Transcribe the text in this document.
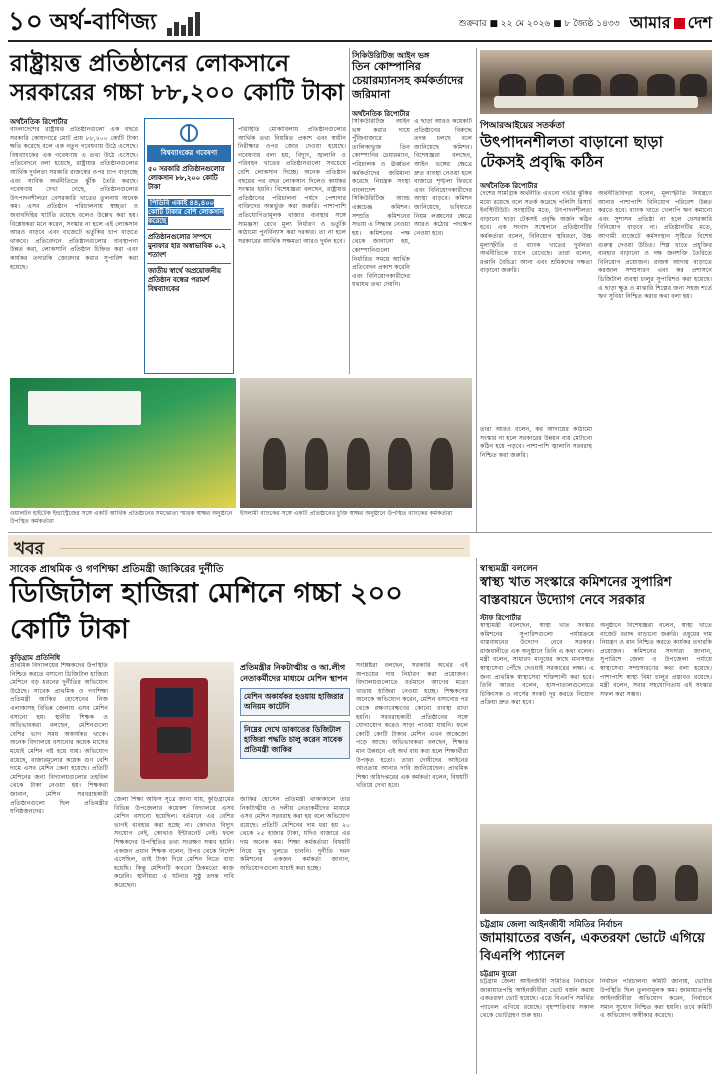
১০ অর্থ-বাণিজ্য	শুক্রবার ■ ২২ মে ২০২৬ ■ ৮ জ্যৈষ্ঠ ১৪৩৩ আমার দেশ
রাষ্ট্রায়ত্ত প্রতিষ্ঠানের লোকসানে সরকারের গচ্চা ৮৮,২০০ কোটি টাকা
অর্থনৈতিক রিপোর্টার
বাংলাদেশের রাষ্ট্রায়ত্ত প্রতিষ্ঠানগুলো এক বছরে সরকারি কোষাগারে মোট প্রায় ৮৮,২০০ কোটি টাকা ক্ষতি করেছে বলে এক নতুন গবেষণায় উঠে এসেছে। বিশ্বব্যাংকের এক গবেষণায় এ তথ্য উঠে এসেছে। প্রতিবেদনে বলা হয়েছে, রাষ্ট্রায়ত্ত প্রতিষ্ঠানগুলোর আর্থিক দুর্বলতা সরকারি রাজস্বের ওপর চাপ বাড়াচ্ছে এবং সার্বিক অর্থনীতিতে ঝুঁকি তৈরি করছে। গবেষণায় দেখা গেছে, প্রতিষ্ঠানগুলোর উৎপাদনশীলতা বেসরকারি খাতের তুলনায় অনেক কম। এসব প্রতিষ্ঠান পরিচালনায় স্বচ্ছতা ও জবাবদিহির ঘাটতি রয়েছে বলেও উল্লেখ করা হয়। বিশ্লেষকরা মনে করেন, সংস্কার না হলে এই লোকসান আরও বাড়বে এবং বাজেটে ভর্তুকির চাপ বাড়তে থাকবে। প্রতিবেদনে প্রতিষ্ঠানগুলোর ব্যবস্থাপনা উন্নত করা, লোকসানি প্রতিষ্ঠান চিহ্নিত করা এবং কার্যকর তদারকি জোরদার করার সুপারিশ করা হয়েছে।
বিশ্বব্যাংকের গবেষণা
৫০ সরকারি প্রতিষ্ঠানগুলোর লোকসান ৮৮,২০০ কোটি টাকা
পিডিবি একাই ৪৪,৪০০ কোটি টাকার বেশি লোকসান করেছে
প্রতিষ্ঠানগুলোর সম্পদে মুনাফার হার অস্বাভাবিক ০.২ শতাংশ
জাতীয় স্বার্থে অপ্রয়োজনীয় প্রতিষ্ঠান বন্ধের পরামর্শ বিশ্বব্যাংকের
পরিস্থিতি মোকাবিলায় প্রতিষ্ঠানগুলোর আর্থিক তথ্য নিয়মিত প্রকাশ এবং স্বাধীন নিরীক্ষার ওপর জোর দেওয়া হয়েছে। গবেষণায় বলা হয়, বিদ্যুৎ, জ্বালানি ও পরিবহন খাতের প্রতিষ্ঠানগুলো সবচেয়ে বেশি লোকসান দিচ্ছে। অনেক প্রতিষ্ঠান বছরের পর বছর লোকসান দিলেও কার্যকর সংস্কার হয়নি। বিশেষজ্ঞরা বলছেন, রাষ্ট্রায়ত্ত প্রতিষ্ঠানের পরিচালনা পর্ষদে পেশাদার ব্যক্তিদের অন্তর্ভুক্ত করা জরুরি। পাশাপাশি প্রতিযোগিতামূলক বাজার ব্যবস্থার সঙ্গে সামঞ্জস্য রেখে মূল্য নির্ধারণ ও ভর্তুকি কাঠামো পুনর্বিন্যাস করা দরকার। তা না হলে সরকারের আর্থিক সক্ষমতা আরও দুর্বল হবে।
ওয়ালটন হাইটেক ইন্ডাস্ট্রিজের সঙ্গে একটি আর্থিক প্রতিষ্ঠানের সমঝোতা স্মারক স্বাক্ষর অনুষ্ঠানে উপস্থিত কর্মকর্তারা
ইসলামী ব্যাংকের সঙ্গে একটি প্রতিষ্ঠানের চুক্তি স্বাক্ষর অনুষ্ঠানে উপস্থিত ব্যাংকের কর্মকর্তারা
সিকিউরিটিজ আইন ভঙ্গ
তিন কোম্পানির চেয়ারম্যানসহ কর্মকর্তাদের জরিমানা
অর্থনৈতিক রিপোর্টার
সিকিউরিটিজ আইন ভঙ্গ করার দায়ে পুঁজিবাজারে তালিকাভুক্ত তিন কোম্পানির চেয়ারম্যান, পরিচালক ও ঊর্ধ্বতন কর্মকর্তাদের জরিমানা করেছে নিয়ন্ত্রক সংস্থা বাংলাদেশ সিকিউরিটিজ অ্যান্ড এক্সচেঞ্জ কমিশন। সম্প্রতি কমিশনের সভায় এ সিদ্ধান্ত নেওয়া হয়। কমিশনের পক্ষ থেকে জানানো হয়, কোম্পানিগুলো নির্ধারিত সময়ে আর্থিক প্রতিবেদন প্রকাশ করেনি এবং বিনিয়োগকারীদের যথাযথ তথ্য দেয়নি।
এ ছাড়া আরও কয়েকটি প্রতিষ্ঠানের বিরুদ্ধে তদন্ত চলছে বলে জানিয়েছে কমিশন। বিশেষজ্ঞরা বলছেন, আইন ভঙ্গের ক্ষেত্রে দ্রুত ব্যবস্থা নেওয়া হলে বাজারে শৃঙ্খলা ফিরবে এবং বিনিয়োগকারীদের আস্থা বাড়বে। কমিশন জানিয়েছে, ভবিষ্যতে নিয়ম লঙ্ঘনের ক্ষেত্রে আরও কঠোর পদক্ষেপ নেওয়া হবে।
পিআরআইয়ের সতর্কতা
উৎপাদনশীলতা বাড়ানো ছাড়া টেকসই প্রবৃদ্ধি কঠিন
অর্থনৈতিক রিপোর্টার
দেশের সামগ্রিক অর্থনীতি এখনো গভীর ঝুঁকির মধ্যে রয়েছে বলে সতর্ক করেছে পলিসি রিসার্চ ইনস্টিটিউট। সংস্থাটির মতে, উৎপাদনশীলতা বাড়ানো ছাড়া টেকসই প্রবৃদ্ধি অর্জন কঠিন হবে। এক সংবাদ সম্মেলনে প্রতিষ্ঠানটির কর্মকর্তারা বলেন, বিনিয়োগ স্থবিরতা, উচ্চ মূল্যস্ফীতি ও ব্যাংক খাতের দুর্বলতা অর্থনীতিকে চাপে রেখেছে। তারা বলেন, রপ্তানি বৈচিত্র্য আনা এবং শ্রমিকদের দক্ষতা বাড়ানো জরুরি।
তারা আরও বলেন, কর আদায়ের কাঠামো সংস্কার না হলে সরকারের উন্নয়ন ব্যয় মেটানো কঠিন হয়ে পড়বে। পাশাপাশি জ্বালানি সরবরাহ নিশ্চিত করা জরুরি।
অর্থনীতিবিদরা বলেন, মূল্যস্ফীতি নিয়ন্ত্রণে আনার পাশাপাশি বিনিয়োগ পরিবেশ উন্নত করতে হবে। ব্যাংক খাতে খেলাপি ঋণ কমানো এবং সুশাসন প্রতিষ্ঠা না হলে বেসরকারি বিনিয়োগ বাড়বে না। প্রতিষ্ঠানটির মতে, আগামী বাজেটে কর্মসংস্থান সৃষ্টিতে বিশেষ গুরুত্ব দেওয়া উচিত। শিল্প খাতে প্রযুক্তির ব্যবহার বাড়ানো ও দক্ষ জনশক্তি তৈরিতে বিনিয়োগ প্রয়োজন। রাজস্ব আদায় বাড়াতে করজাল সম্প্রসারণ এবং কর প্রশাসনে ডিজিটাল ব্যবস্থা চালুর সুপারিশও করা হয়েছে। এ ছাড়া ক্ষুদ্র ও মাঝারি শিল্পের জন্য সহজ শর্তে ঋণ সুবিধা নিশ্চিত করার কথা বলা হয়।
খবর
সাবেক প্রাথমিক ও গণশিক্ষা প্রতিমন্ত্রী জাকিরের দুর্নীতি
ডিজিটাল হাজিরা মেশিনে গচ্চা ২০০ কোটি টাকা
কুড়িগ্রাম প্রতিনিধি
প্রাথমিক বিদ্যালয়ের শিক্ষকদের উপস্থিতি নিশ্চিত করতে বসানো ডিজিটাল হাজিরা মেশিনে বড় ধরনের দুর্নীতির অভিযোগ উঠেছে। সাবেক প্রাথমিক ও গণশিক্ষা প্রতিমন্ত্রী জাকির হোসেনের নিজ এলাকাসহ বিভিন্ন জেলায় এসব মেশিন বসানো হয়। স্থানীয় শিক্ষক ও অভিভাবকরা বলছেন, মেশিনগুলো বেশির ভাগ সময় অকার্যকর থাকে। অনেক বিদ্যালয়ে বসানোর কয়েক মাসের মধ্যেই মেশিন নষ্ট হয়ে যায়। অভিযোগ রয়েছে, বাজারমূল্যের কয়েক গুণ বেশি দামে এসব মেশিন কেনা হয়েছে। প্রতিটি মেশিনের জন্য বিদ্যালয়গুলোর তহবিল থেকে টাকা নেওয়া হয়। শিক্ষকরা জানান, মেশিন সরবরাহকারী প্রতিষ্ঠানগুলো ছিল প্রতিমন্ত্রীর ঘনিষ্ঠজনদের।
জেলা শিক্ষা অফিস সূত্রে জানা যায়, কুড়িগ্রামের বিভিন্ন উপজেলার কয়েকশ বিদ্যালয়ে এসব মেশিন বসানো হয়েছিল। বর্তমানে এর বেশির ভাগই ব্যবহার করা হচ্ছে না। কোথাও বিদ্যুৎ সংযোগ নেই, কোথাও ইন্টারনেট নেই। ফলে শিক্ষকদের উপস্থিতির তথ্য সংরক্ষণ সম্ভব হয়নি। একজন প্রধান শিক্ষক বলেন, উপর থেকে নির্দেশ এসেছিল, তাই টাকা দিয়ে মেশিন নিতে বাধ্য হয়েছি। কিন্তু মেশিনটি কখনো ঠিকমতো কাজ করেনি। স্থানীয়রা এ ঘটনার সুষ্ঠু তদন্ত দাবি করেছেন।
প্রতিমন্ত্রীর নিকটাত্মীয় ও আ.লীগ নেতাকর্মীদের মাধ্যমে মেশিন স্থাপন
মেশিন অকার্যকর হওয়ায় হাজিরার অনিয়ম কাটেনি
নিম্নের দেখে ডাকাতের ডিজিটাল হাজিরা পদ্ধতি চালু করেন সাবেক প্রতিমন্ত্রী জাকির
জাকির হোসেন প্রতিমন্ত্রী থাকাকালে তার নিকটাত্মীয় ও দলীয় নেতাকর্মীদের মাধ্যমে এসব মেশিন সরবরাহ করা হয় বলে অভিযোগ রয়েছে। প্রতিটি মেশিনের দাম ধরা হয় ২০ থেকে ২৫ হাজার টাকা, যদিও বাজারে এর দাম অনেক কম। শিক্ষা কর্মকর্তারা বিষয়টি নিয়ে মুখ খুলতে চাননি। দুর্নীতি দমন কমিশনের একজন কর্মকর্তা জানান, অভিযোগগুলো যাচাই করা হচ্ছে।
সংশ্লিষ্টরা বলছেন, সরকারি অর্থের এই অপচয়ের দায় নির্ধারণ করা প্রয়োজন। বিদ্যালয়গুলোতে বর্তমানে আগের মতো খাতায় হাজিরা নেওয়া হচ্ছে। শিক্ষকদের অনেকে অভিযোগ করেন, মেশিন বসানোর পর থেকে রক্ষণাবেক্ষণের কোনো ব্যবস্থা রাখা হয়নি। সরবরাহকারী প্রতিষ্ঠানের সঙ্গে যোগাযোগ করেও সাড়া পাওয়া যায়নি। ফলে কোটি কোটি টাকার মেশিন এখন অকেজো পড়ে আছে। অভিভাবকরা বলছেন, শিক্ষার মান উন্নয়নে এই অর্থ ব্যয় করা হলে শিক্ষার্থীরা উপকৃত হতো। তারা দোষীদের আইনের আওতায় আনার দাবি জানিয়েছেন। প্রাথমিক শিক্ষা অধিদপ্তরের এক কর্মকর্তা বলেন, বিষয়টি খতিয়ে দেখা হবে।
স্বাস্থ্যমন্ত্রী বললেন
স্বাস্থ্য খাত সংস্কারে কমিশনের সুপারিশ বাস্তবায়নে উদ্যোগ নেবে সরকার
স্টাফ রিপোর্টার
স্বাস্থ্যমন্ত্রী বলেছেন, স্বাস্থ্য খাত সংস্কার কমিশনের সুপারিশগুলো পর্যায়ক্রমে বাস্তবায়নের উদ্যোগ নেবে সরকার। রাজধানীতে এক অনুষ্ঠানে তিনি এ কথা বলেন। মন্ত্রী বলেন, সাধারণ মানুষের কাছে মানসম্মত স্বাস্থ্যসেবা পৌঁছে দেওয়াই সরকারের লক্ষ্য। এ জন্য প্রাথমিক স্বাস্থ্যসেবা শক্তিশালী করা হবে। তিনি আরও বলেন, হাসপাতালগুলোতে চিকিৎসক ও নার্সের সংকট দূর করতে নিয়োগ প্রক্রিয়া দ্রুত করা হবে।
অনুষ্ঠানে বিশেষজ্ঞরা বলেন, স্বাস্থ্য খাতে বাজেট বরাদ্দ বাড়ানো জরুরি। ওষুধের দাম নিয়ন্ত্রণ ও মান নিশ্চিত করতে কার্যকর তদারকি প্রয়োজন। কমিশনের সদস্যরা জানান, সুপারিশে জেলা ও উপজেলা পর্যায়ে স্বাস্থ্যসেবা সম্প্রসারণের কথা বলা হয়েছে। পাশাপাশি স্বাস্থ্য বিমা চালুর প্রস্তাবও রয়েছে। মন্ত্রী বলেন, সবার সহযোগিতায় এই সংস্কার সফল করা সম্ভব।
চট্টগ্রাম জেলা আইনজীবী সমিতির নির্বাচন
জামায়াতের বর্জন, একতরফা ভোটে এগিয়ে বিএনপি প্যানেল
চট্টগ্রাম ব্যুরো
চট্টগ্রাম জেলা আইনজীবী সমিতির নির্বাচনে জামায়াতপন্থি আইনজীবীরা ভোট বর্জন করায় একতরফা ভোট হয়েছে। এতে বিএনপি সমর্থিত প্যানেল এগিয়ে রয়েছে। বৃহস্পতিবার সকাল থেকে ভোটগ্রহণ শুরু হয়।
নির্বাচন পরিচালনা কমিটি জানায়, ভোটার উপস্থিতি ছিল তুলনামূলক কম। জামায়াতপন্থি আইনজীবীরা অভিযোগ করেন, নির্বাচনে সমান সুযোগ নিশ্চিত করা হয়নি। তবে কমিটি এ অভিযোগ অস্বীকার করেছে।
